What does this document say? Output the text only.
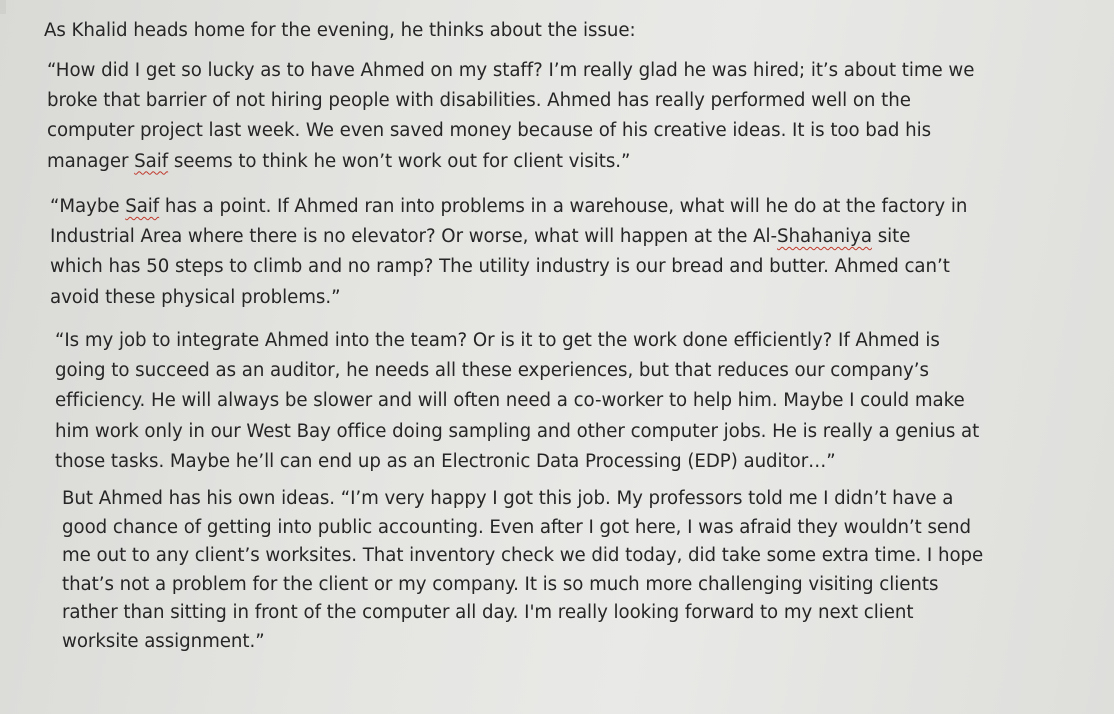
As Khalid heads home for the evening, he thinks about the issue:
“How did I get so lucky as to have Ahmed on my staff? I’m really glad he was hired; it’s about time we
broke that barrier of not hiring people with disabilities. Ahmed has really performed well on the
computer project last week. We even saved money because of his creative ideas. It is too bad his
manager Saif seems to think he won’t work out for client visits.”
“Maybe Saif has a point. If Ahmed ran into problems in a warehouse, what will he do at the factory in
Industrial Area where there is no elevator? Or worse, what will happen at the Al-Shahaniya site
which has 50 steps to climb and no ramp? The utility industry is our bread and butter. Ahmed can’t
avoid these physical problems.”
“Is my job to integrate Ahmed into the team? Or is it to get the work done efficiently? If Ahmed is
going to succeed as an auditor, he needs all these experiences, but that reduces our company’s
efficiency. He will always be slower and will often need a co-worker to help him. Maybe I could make
him work only in our West Bay office doing sampling and other computer jobs. He is really a genius at
those tasks. Maybe he’ll can end up as an Electronic Data Processing (EDP) auditor…”
But Ahmed has his own ideas. “I’m very happy I got this job. My professors told me I didn’t have a
good chance of getting into public accounting. Even after I got here, I was afraid they wouldn’t send
me out to any client’s worksites. That inventory check we did today, did take some extra time. I hope
that’s not a problem for the client or my company. It is so much more challenging visiting clients
rather than sitting in front of the computer all day. I'm really looking forward to my next client
worksite assignment.”
